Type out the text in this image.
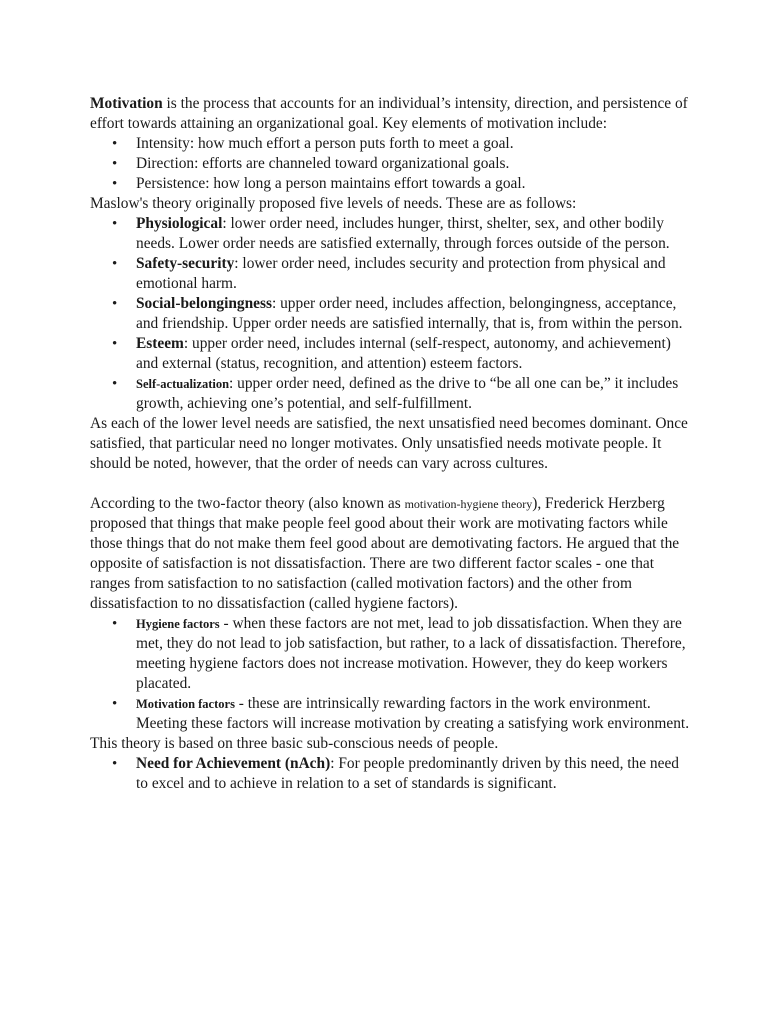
Motivation is the process that accounts for an individual’s intensity, direction, and persistence of effort towards attaining an organizational goal. Key elements of motivation include:

• Intensity: how much effort a person puts forth to meet a goal.
• Direction: efforts are channeled toward organizational goals.
• Persistence: how long a person maintains effort towards a goal.

Maslow's theory originally proposed five levels of needs. These are as follows:

• Physiological: lower order need, includes hunger, thirst, shelter, sex, and other bodily needs. Lower order needs are satisfied externally, through forces outside of the person.
• Safety-security: lower order need, includes security and protection from physical and emotional harm.
• Social-belongingness: upper order need, includes affection, belongingness, acceptance, and friendship. Upper order needs are satisfied internally, that is, from within the person.
• Esteem: upper order need, includes internal (self-respect, autonomy, and achievement) and external (status, recognition, and attention) esteem factors.
• Self-actualization: upper order need, defined as the drive to “be all one can be,” it includes growth, achieving one’s potential, and self-fulfillment.

As each of the lower level needs are satisfied, the next unsatisfied need becomes dominant. Once satisfied, that particular need no longer motivates. Only unsatisfied needs motivate people. It should be noted, however, that the order of needs can vary across cultures.

According to the two-factor theory (also known as motivation-hygiene theory), Frederick Herzberg proposed that things that make people feel good about their work are motivating factors while those things that do not make them feel good about are demotivating factors. He argued that the opposite of satisfaction is not dissatisfaction. There are two different factor scales - one that ranges from satisfaction to no satisfaction (called motivation factors) and the other from dissatisfaction to no dissatisfaction (called hygiene factors).

• Hygiene factors - when these factors are not met, lead to job dissatisfaction. When they are met, they do not lead to job satisfaction, but rather, to a lack of dissatisfaction. Therefore, meeting hygiene factors does not increase motivation. However, they do keep workers placated.
• Motivation factors - these are intrinsically rewarding factors in the work environment. Meeting these factors will increase motivation by creating a satisfying work environment.

This theory is based on three basic sub-conscious needs of people.

• Need for Achievement (nAch): For people predominantly driven by this need, the need to excel and to achieve in relation to a set of standards is significant.
